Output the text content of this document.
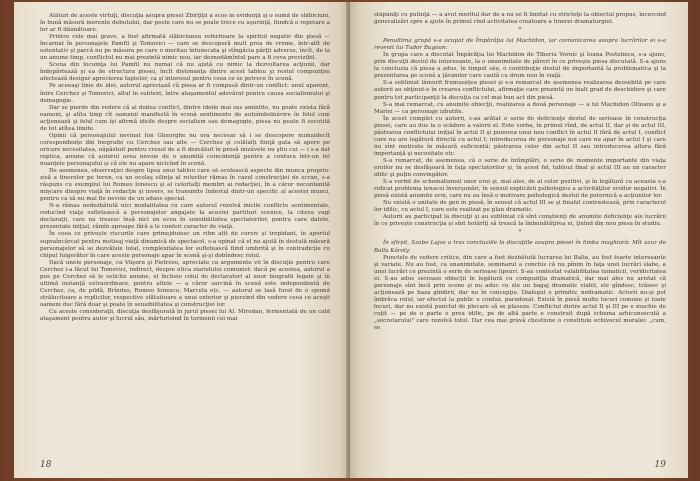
Alături de aceste virtuţi, discuţia asupra piesei Zbirţiţii a scos în evidenţă şi o sumă de slăbiciuni, în bună măsură inerente debutului, dar peste care nu se poate trece cu uşurinţă, fiindcă o repetare a lor ar fi dăunătoare.

Printre cele mai grave, a fost afirmată slăbiciunea referitoare la spiritul negativ din piesă — încarnat în personajele Pamfil şi Tomovici — care se descoperă mult prea de vreme, într-atît de ostentativ şi parcă nu pe măsura pe care o meritau întunecata şi stîngăcia părţii adverse, încît, de la un anume timp, conflictul nu mai prezintă nimic nou, iar deznodămîntul pare a fi ceva previzibil.

Scena din locuinţa lui Pamfil nu numai că nu ajută cu nimic la dezvoltarea acţiunii, dar îndepărtează şi ea de structura piesei, încît distonanţa dintre acest tablou şi restul compoziţiei afectează desigur aprecierea faptelor, ca şi interesul pentru ceea ce se petrece în scenă.

Pe aceeaşi linie de idei, autorul apreciază că piesa ar fi compusă dintr-un conflict: unul aparent, între Cerchez şi Tomovici, altul în subtext, între ataşamentul adevărat pentru cauza socialismului şi demagogie.

Dar se pierde din vedere că al doilea conflict, dintre ideile mai sus amintite, nu poate exista fără oameni, şi atîta timp cît oamenii manifestă în scenă sentimente de autoîmbolnăvire în felul cum acţionează şi felul cum îşi afirmă ideile despre socialism sau demagogie, piesa nu poate fi socotită de tot atîtea limite.

Opinii că personajului nevinat Ion Gheorghe nu era necesar să i se descopere numaidecît corespondenţe din biografie cu Cerchez sau alte — Cerchez şi celălalţi fiinţă gata să apere pe oricare necesitatea, năpăstuit pentru crezul de a fi dezvăluit în presă mizăvele nu ştiu cui — i s-a dat replica, anume că autorul avea nevoie de o anumită coincidenţă pentru a contura într-un fel nuanţele personajului şi că ele nu apare nicicînd în scenă.

De asemenea, observaţiei despre lipsa unui tablou care să ocolească aspecte din munca propriu-zisă a tinerelor pe teren, ca un ocolaş silinţa al rolurilor rămas în cazul construcţiei de ecran, s-a răspuns cu exemplul lui Romeo Ionescu şi al celorlalţi membri ai redacţiei, în a căror necontenită mişcare dinspre viaţă în redacţie şi invers, se transmite îndestul dintr-un specific al acestei munci, pentru ca să nu mai fie nevoie de un adaos special.

N-a rămas nedezbătută nici modalitatea cu care autorul rezolvă micile conflicte sentimentale, reducînd viaţa sufletească a personajelor angajate la acestei partituri scenice, la citeva vagi declaraţii, care nu trezesc însă nici un ecou în sensibilitatea spectatorilor, pentru care datele, prezentate iniţial, rămîn aproape fără a le conferi caracter de viaţă.

În ceea ce priveşte riscurile care primejduiesc un ritm atît de cursiv şi trepidant, în aportul supraîncărcat pentru metisaj viaţă dinamică de spectacol, s-a opinat că el nu ajută în destulă măsură personajelor să se dezvăluie total, complexitatea lor sufletească fiind umbrită şi în contradicţie cu chipul fulgerător în care aceste personaje apar în scenă şi-şi dobîndesc rolul.

Dacă unele personaje, ca Viişoru şi Pietrosu, apreciate ca argumente vii în discuţie pentru care Cerchez i-a făcut lui Tomovici, indirect, despre etica ziaristului comunist: dacă pe acestea, autorul a pus pe Cerchez să le solicite anume, el încheie rolul de declaratori al unor biografii legate şi în ultimă instanţă extraordinare, pentru altele — a căror sarcină în scenă este independentă de Cerchez, ca, de pildă, Brîndus, Romeo Ionescu, Marcela etc. — autorul se lasă furat de o spumă strălucitoare a replicilor, respective sfătuitoare a unui exterior şi pierzînd din vedere ceea ce aceşti oameni duc fără doar şi poate în sensibilitatea şi construcţiei lor.

Cu aceste consideraţii, discuţia desfăşurată în jurul piesei lui Al. Mirodan, fermentată de un cald ataşament pentru autor şi lucrul său, mărturisind în termenii cei mai

18

stăpâniţi cu putinţă — a avut meritul dar de a nu se fi limitat cu stricteţe la obiectul propus, încercînd generalizări spre a ajute în primul rînd activitatea creatoare a tinerei dramaturgiei.

*

Penultima grupă s-a ocupat de Împărăţia lui Machidon, iar comunicarea asupra lucrărilor ei s-a revenit lui Tudor Bugoan:

În grupa care a discutat Împărăţia lui Machidon de Tiberiu Vornic şi Ioana Postelnica, s-a ajuns, prin discuţii destul de interesante, la o unanimitate de păreri în ce priveşte piesa discutată. S-a ajuns la concluzia că piesa a adus, în timpul său, o contribuţie destul de importantă la problematica şi la prezentarea pe scenă a ţăranilor care caută cu drum nou în viaţă.

S-a subliniat lămurit frumuseţea piesei şi s-a remarcat de asemenea realizarea deosebită pe care autorii au obţinut-o în crearea conflictului, afirmaţie care prezintă un înalt grad de deschidere şi care pentru tot participanţii la discuţia ca cel mai bun act din piesă.

S-a mai remarcat, cu anumite obiecţii, realizarea a două personaje — a lui Machidon Olteanu şi a Mariei — ca personaje izbutite.

În acest complet cu autorii, s-au arătat o serie de deficienţe destul de serioase în construcţia piesei, care au dus la o scădere a valorii ei. Este vorba, în primul rînd, de actul II, dar şi de actul III, păstrarea conflictului iniţial în actul II şi punerea unui nou conflict în actul II fără de actul I, conflict care nu are legătură directă cu actul I; introducerea de personaje noi care nu apar în actul I şi care nu sînt motivate în măsură suficientă; păstrarea celor din actul II sau introducerea altora fără importanţă şi necesitate etc.

S-a remarcat, de asemenea, că o serie de întîmplări, o serie de momente importante din viaţa eroilor nu se desfăşoară în faţa spectatorilor şi, în acest fel, tabloul final şi actul III au un caracter idilic şi puţin convingător.

S-a vorbit de schematismul unor eroi şi, mai ales, de al celor pozitivi, şi în legătură cu aceasta s-a ridicat problema tenacei înverşunări, în sensul explicării psihologice a activităţilor eroilor negativi. În piesă există anumite eroi, care nu au însă o motivare psihologică destul de puternică a acţiunilor lor.

Nu există o unitate de gen în piesă, în sensul că actul III se şi finalul contrastează, prin caracterul lor idilic, cu actul I, care este realizat pe plan dramatic.

Autorii au participat la discuţii şi au subliniat că sînt conştienţi de anumite deficienţe ale lucrării în ce priveşte construcţia şi sînt hotărîţi să treacă la îmbunătăţirea ei, ţinînd din nou piesa în studiu.

*

În sfîrşit, Szabo Lajos a tras concluziile la discuţiile asupra piesei în limba maghiară: Mît acur de Balla Károly:

Punctele de vedere critice, din care a fost dezbătută lucrarea lui Balla, au fost foarte interesante şi variate. Nu au fost, ca unanimitate, seminarul a conchis că nu pînim în faţa unei lucrări slabe, a unei lucrări ce prezintă o serie de serioase lipsuri. S-au contestat valabilitatea tematicii, veridicitatea ei. S-au adus serioase obiecţii în legătură cu compoziţia dramatică, dar mai ales nu aristat că personaje sînt încă prin scene şi nu aduc cu ele un bagaj dramatic viabil, ele gîndesc, trăiesc şi acţionează pe baza gîndirii, dar nu în concepţie. Dialogul e primitiv, nedramatic. Actorii nu-şi pot îmbrăca rolul, iar efectul la public e confuz, paradoxal. Există în piesă multe locuri comune şi toate locuri, dar nu există punctul de plecare să se plaseze. Conflictul dintre actul II şi III pe e muchie de cuţit — pe de o parte e prea idilic, pe de altă parte e construit după schema arhicunoscută a „secretarului" care rezolvă totul. Dar cea mai gravă chestiune o constituie echivocul moralei: „cum, se

19
